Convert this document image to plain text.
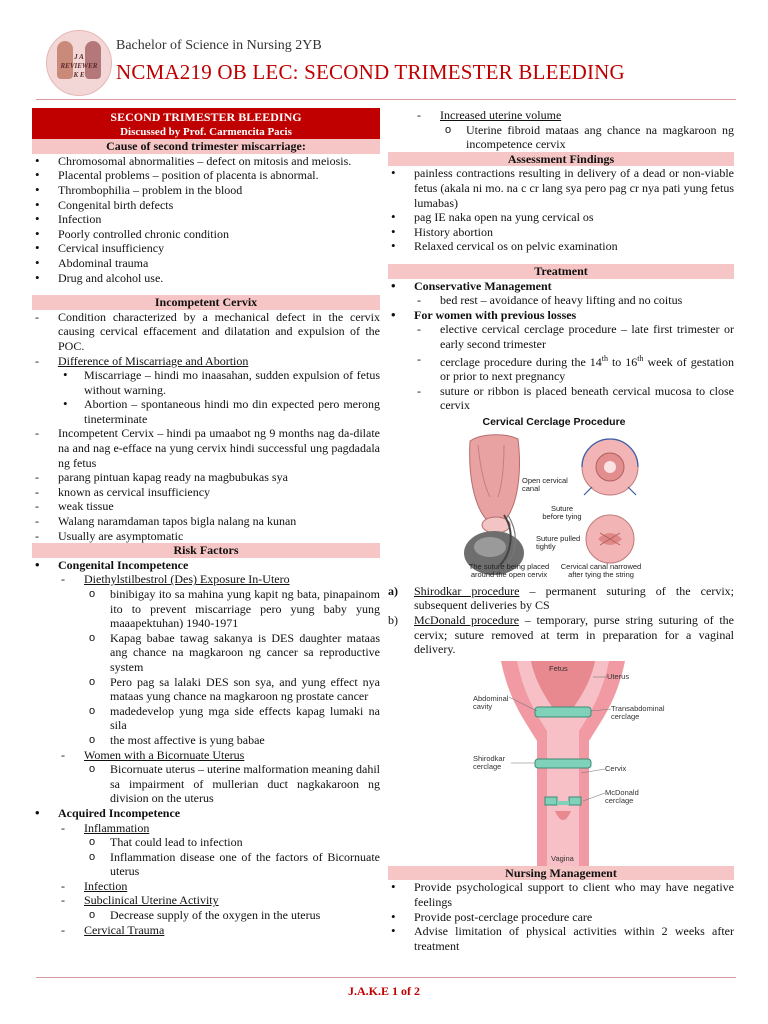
J A
REVIEWER
K E
Bachelor of Science in Nursing 2YB
NCMA219 OB LEC: SECOND TRIMESTER BLEEDING
SECOND TRIMESTER BLEEDING
Discussed by Prof. Carmencita Pacis
Cause of second trimester miscarriage:
• Chromosomal abnormalities – defect on mitosis and meiosis.
• Placental problems – position of placenta is abnormal.
• Thrombophilia – problem in the blood
• Congenital birth defects
• Infection
• Poorly controlled chronic condition
• Cervical insufficiency
• Abdominal trauma
• Drug and alcohol use.
Incompetent Cervix
- Condition characterized by a mechanical defect in the cervix causing cervical effacement and dilatation and expulsion of the POC.
- Difference of Miscarriage and Abortion
• Miscarriage – hindi mo inaasahan, sudden expulsion of fetus without warning.
• Abortion – spontaneous hindi mo din expected pero merong tineterminate
- Incompetent Cervix – hindi pa umaabot ng 9 months nag da-dilate na and nag e-efface na yung cervix hindi successful ung pagdadala ng fetus
- parang pintuan kapag ready na magbubukas sya
- known as cervical insufficiency
- weak tissue
- Walang naramdaman tapos bigla nalang na kunan
- Usually are asymptomatic
Risk Factors
• Congenital Incompetence
- Diethylstilbestrol (Des) Exposure In-Utero
o binibigay ito sa mahina yung kapit ng bata, pinapainom ito to prevent miscarriage pero yung baby yung maaapektuhan) 1940-1971
o Kapag babae tawag sakanya is DES daughter mataas ang chance na magkaroon ng cancer sa reproductive system
o Pero pag sa lalaki DES son sya, and yung effect nya mataas yung chance na magkaroon ng prostate cancer
o madedevelop yung mga side effects kapag lumaki na sila
o the most affective is yung babae
- Women with a Bicornuate Uterus
o Bicornuate uterus – uterine malformation meaning dahil sa impairment of mullerian duct nagkakaroon ng division on the uterus
• Acquired Incompetence
- Inflammation
o That could lead to infection
o Inflammation disease one of the factors of Bicornuate uterus
- Infection
- Subclinical Uterine Activity
o Decrease supply of the oxygen in the uterus
- Cervical Trauma
- Increased uterine volume
o Uterine fibroid mataas ang chance na magkaroon ng incompetence cervix
Assessment Findings
• painless contractions resulting in delivery of a dead or non-viable fetus (akala ni mo. na c cr lang sya pero pag cr nya pati yung fetus lumabas)
• pag IE naka open na yung cervical os
• History abortion
• Relaxed cervical os on pelvic examination
Treatment
• Conservative Management
- bed rest – avoidance of heavy lifting and no coitus
• For women with previous losses
- elective cervical cerclage procedure – late first trimester or early second trimester
- cerclage procedure during the 14th to 16th week of gestation or prior to next pregnancy
- suture or ribbon is placed beneath cervical mucosa to close cervix
Cervical Cerclage Procedure
Open cervical canal
Suture before tying
Suture pulled tightly
The suture being placed around the open cervix
Cervical canal narrowed after tying the string
a) Shirodkar procedure – permanent suturing of the cervix; subsequent deliveries by CS
b) McDonald procedure – temporary, purse string suturing of the cervix; suture removed at term in preparation for a vaginal delivery.
Fetus
Uterus
Abdominal cavity	Transabdominal cerclage
Shirodkar cerclage	Cervix
McDonald cerclage
Vagina
Nursing Management
• Provide psychological support to client who may have negative feelings
• Provide post-cerclage procedure care
• Advise limitation of physical activities within 2 weeks after treatment
J.A.K.E 1 of 2
